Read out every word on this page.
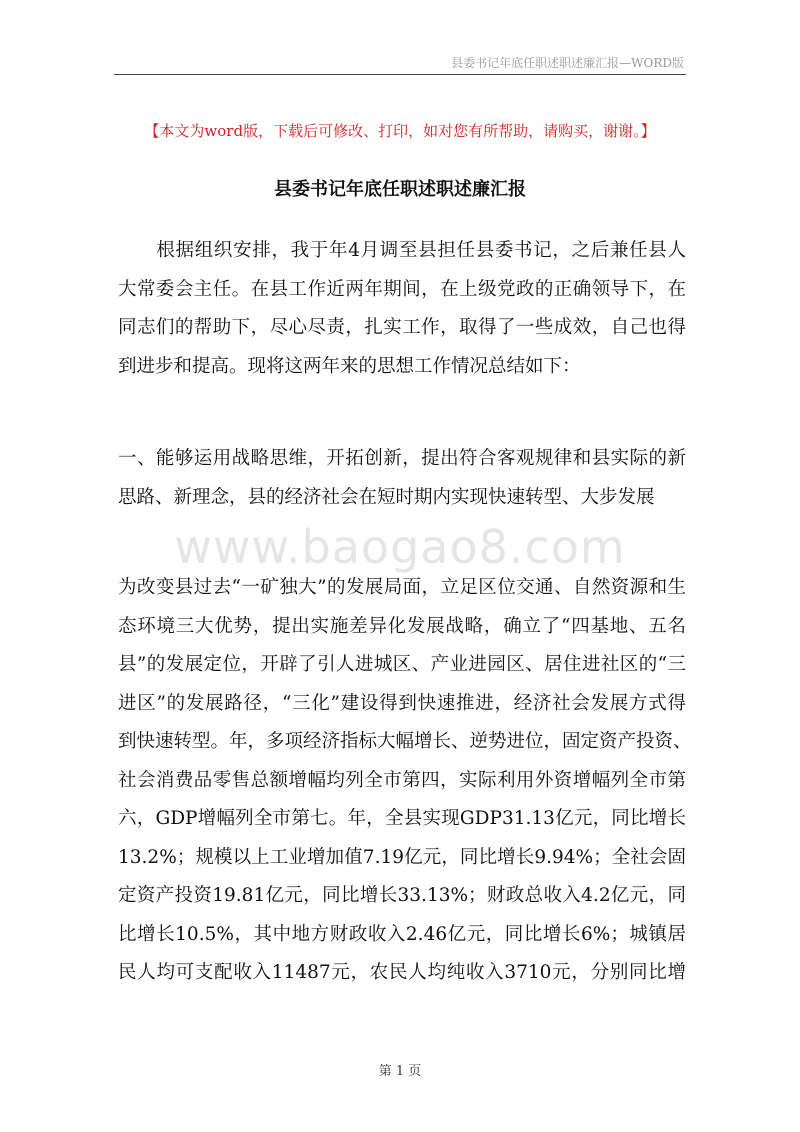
县委书记年底任职述职述廉汇报—WORD版
【本文为word版，下载后可修改、打印，如对您有所帮助，请购买，谢谢。】
县委书记年底任职述职述廉汇报
　　根据组织安排，我于年4月调至县担任县委书记，之后兼任县人
大常委会主任。在县工作近两年期间，在上级党政的正确领导下，在
同志们的帮助下，尽心尽责，扎实工作，取得了一些成效，自己也得
到进步和提高。现将这两年来的思想工作情况总结如下：
一、能够运用战略思维，开拓创新，提出符合客观规律和县实际的新
思路、新理念，县的经济社会在短时期内实现快速转型、大步发展
www.baogao8.com
为改变县过去“一矿独大”的发展局面，立足区位交通、自然资源和生
态环境三大优势，提出实施差异化发展战略，确立了“四基地、五名
县”的发展定位，开辟了引人进城区、产业进园区、居住进社区的“三
进区”的发展路径，“三化”建设得到快速推进，经济社会发展方式得
到快速转型。年，多项经济指标大幅增长、逆势进位，固定资产投资、
社会消费品零售总额增幅均列全市第四，实际利用外资增幅列全市第
六，GDP增幅列全市第七。年，全县实现GDP31.13亿元，同比增长
13.2%；规模以上工业增加值7.19亿元，同比增长9.94%；全社会固
定资产投资19.81亿元，同比增长33.13%；财政总收入4.2亿元，同
比增长10.5%，其中地方财政收入2.46亿元，同比增长6%；城镇居
民人均可支配收入11487元，农民人均纯收入3710元，分别同比增
第 1 页
